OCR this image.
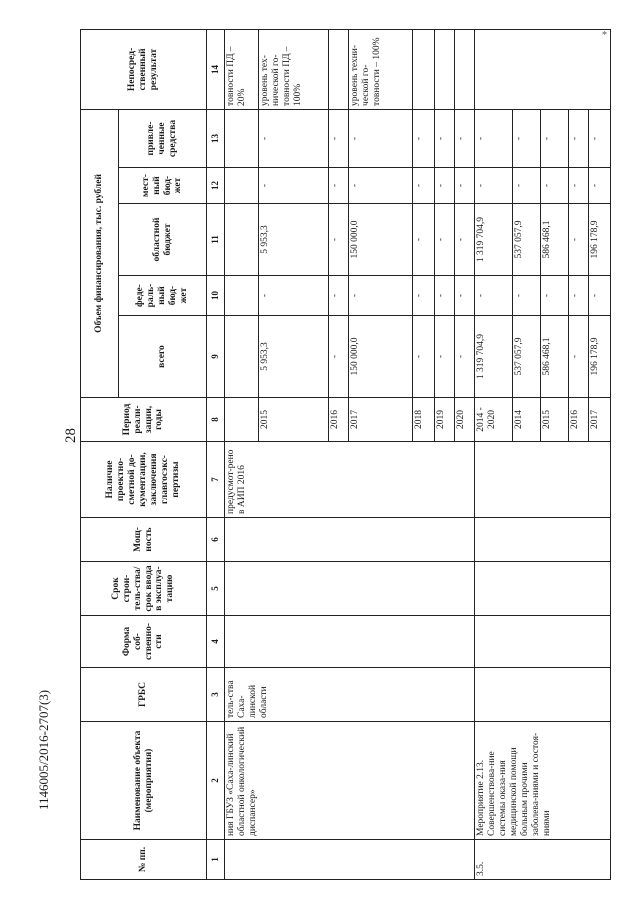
28
1146005/2016-2707(3)
*
№ пп.	Наименование объекта (мероприятия)	ГРБС	Форма соб-ственно-сти	Срок строи-тель-ства/срок ввода в эксплуа-тацию	Мощ-ность	Наличие проектно-сметной до-кументации, заключения главгосэкс-пертизы	Период реали-зации, годы	Объем финансирования, тыс. рублей					Непосред-ственный результат
								всего	феде-раль-ный бюд-жет	областной бюджет	мест-ный бюд-жет	привле-ченные средства	
1	2	3	4	5	6	7	8	9	10	11	12	13	14
	ния ГБУЗ «Саха-линский областной онкологический диспансер»	тель-ства Саха-линской области				предусмот-рено в АИП 2016							товности ПД –20%
							2015	5 953,3	-	5 953,3	-	-	уровень тех-нической го-товности ПД – 100%
							2016	-	-	-	-	-	
							2017	150 000,0	-	150 000,0	-	-	уровень техни-ческой го-товности – 100%
							2018	-	-	-	-	-	
							2019	-	-	-	-	-	
							2020	-	-	-	-	-	
3.5.	Мероприятие 2.13. Совершенствова-ние системы оказа-ния медицинской помощи больным прочими заболева-ниями и состоя-ниями						2014 - 2020	1 319 704,9	-	1 319 704,9	-	-	
							2014	537 057,9	-	537 057,9	-	-	
							2015	586 468,1	-	586 468,1	-	-	
							2016	-	-	-	-	-	
							2017	196 178,9	-	196 178,9	-	-	
